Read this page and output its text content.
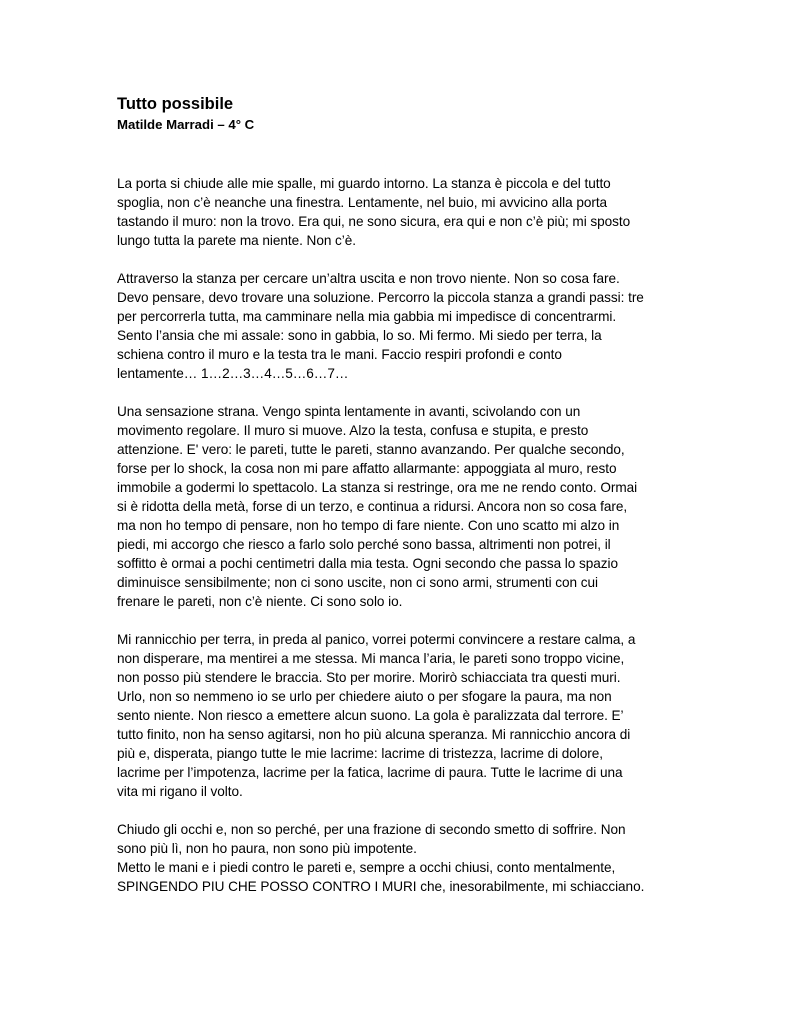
Tutto possibile
Matilde Marradi – 4° C

La porta si chiude alle mie spalle, mi guardo intorno. La stanza è piccola e del tutto
spoglia, non c’è neanche una finestra. Lentamente, nel buio, mi avvicino alla porta
tastando il muro: non la trovo. Era qui, ne sono sicura, era qui e non c’è più; mi sposto
lungo tutta la parete ma niente. Non c’è.

Attraverso la stanza per cercare un’altra uscita e non trovo niente. Non so cosa fare.
Devo pensare, devo trovare una soluzione. Percorro la piccola stanza a grandi passi: tre
per percorrerla tutta, ma camminare nella mia gabbia mi impedisce di concentrarmi.
Sento l’ansia che mi assale: sono in gabbia, lo so. Mi fermo. Mi siedo per terra, la
schiena contro il muro e la testa tra le mani. Faccio respiri profondi e conto
lentamente… 1…2…3…4…5…6…7…

Una sensazione strana. Vengo spinta lentamente in avanti, scivolando con un
movimento regolare. Il muro si muove. Alzo la testa, confusa e stupita, e presto
attenzione. E' vero: le pareti, tutte le pareti, stanno avanzando. Per qualche secondo,
forse per lo shock, la cosa non mi pare affatto allarmante: appoggiata al muro, resto
immobile a godermi lo spettacolo. La stanza si restringe, ora me ne rendo conto. Ormai
si è ridotta della metà, forse di un terzo, e continua a ridursi. Ancora non so cosa fare,
ma non ho tempo di pensare, non ho tempo di fare niente. Con uno scatto mi alzo in
piedi, mi accorgo che riesco a farlo solo perché sono bassa, altrimenti non potrei, il
soffitto è ormai a pochi centimetri dalla mia testa. Ogni secondo che passa lo spazio
diminuisce sensibilmente; non ci sono uscite, non ci sono armi, strumenti con cui
frenare le pareti, non c’è niente. Ci sono solo io.

Mi rannicchio per terra, in preda al panico, vorrei potermi convincere a restare calma, a
non disperare, ma mentirei a me stessa. Mi manca l’aria, le pareti sono troppo vicine,
non posso più stendere le braccia. Sto per morire. Morirò schiacciata tra questi muri.
Urlo, non so nemmeno io se urlo per chiedere aiuto o per sfogare la paura, ma non
sento niente. Non riesco a emettere alcun suono. La gola è paralizzata dal terrore. E’
tutto finito, non ha senso agitarsi, non ho più alcuna speranza. Mi rannicchio ancora di
più e, disperata, piango tutte le mie lacrime: lacrime di tristezza, lacrime di dolore,
lacrime per l’impotenza, lacrime per la fatica, lacrime di paura. Tutte le lacrime di una
vita mi rigano il volto.

Chiudo gli occhi e, non so perché, per una frazione di secondo smetto di soffrire. Non
sono più lì, non ho paura, non sono più impotente.
Metto le mani e i piedi contro le pareti e, sempre a occhi chiusi, conto mentalmente,
SPINGENDO PIU CHE POSSO CONTRO I MURI che, inesorabilmente, mi schiacciano.
